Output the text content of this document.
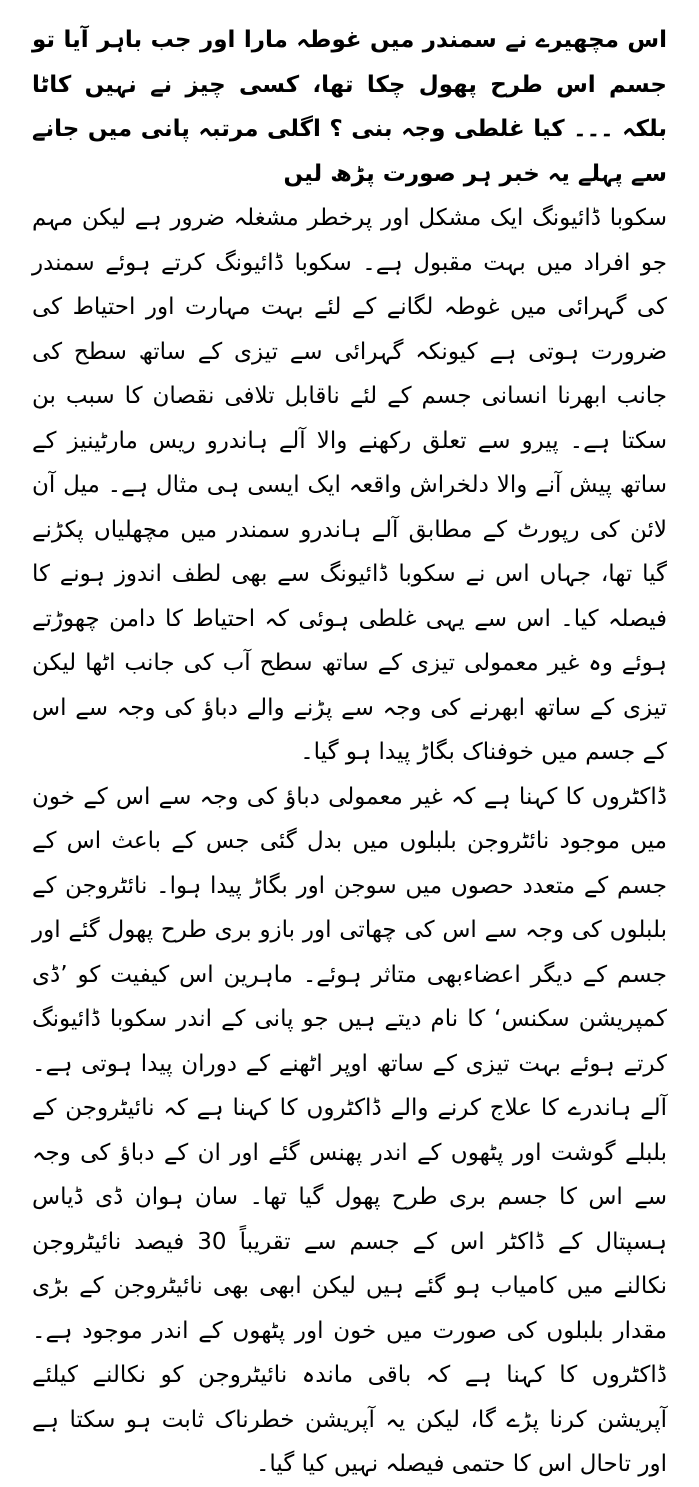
اس مچھیرے نے سمندر میں غوطہ مارا اور جب باہر آیا تو جسم اس طرح پھول چکا تھا، کسی چیز نے نہیں کاٹا بلکہ ۔۔۔ کیا غلطی وجہ بنی ؟ اگلی مرتبہ پانی میں جانے سے پہلے یہ خبر ہر صورت پڑھ لیں

سکوبا ڈائیونگ ایک مشکل اور پرخطر مشغلہ ضرور ہے لیکن مہم جو افراد میں بہت مقبول ہے۔ سکوبا ڈائیونگ کرتے ہوئے سمندر کی گہرائی میں غوطہ لگانے کے لئے بہت مہارت اور احتیاط کی ضرورت ہوتی ہے کیونکہ گہرائی سے تیزی کے ساتھ سطح کی جانب ابھرنا انسانی جسم کے لئے ناقابل تلافی نقصان کا سبب بن سکتا ہے۔ پیرو سے تعلق رکھنے والا آلے ہاندرو ریس مارٹینیز کے ساتھ پیش آنے والا دلخراش واقعہ ایک ایسی ہی مثال ہے۔ میل آن لائن کی رپورٹ کے مطابق آلے ہاندرو سمندر میں مچھلیاں پکڑنے گیا تھا، جہاں اس نے سکوبا ڈائیونگ سے بھی لطف اندوز ہونے کا فیصلہ کیا۔ اس سے یہی غلطی ہوئی کہ احتیاط کا دامن چھوڑتے ہوئے وہ غیر معمولی تیزی کے ساتھ سطح آب کی جانب اٹھا لیکن تیزی کے ساتھ ابھرنے کی وجہ سے پڑنے والے دباﺅ کی وجہ سے اس کے جسم میں خوفناک بگاڑ پیدا ہو گیا۔

ڈاکٹروں کا کہنا ہے کہ غیر معمولی دباﺅ کی وجہ سے اس کے خون میں موجود نائٹروجن بلبلوں میں بدل گئی جس کے باعث اس کے جسم کے متعدد حصوں میں سوجن اور بگاڑ پیدا ہوا۔ نائٹروجن کے بلبلوں کی وجہ سے اس کی چھاتی اور بازو بری طرح پھول گئے اور جسم کے دیگر اعضاءبھی متاثر ہوئے۔ ماہرین اس کیفیت کو ’ڈی کمپریشن سکنس‘ کا نام دیتے ہیں جو پانی کے اندر سکوبا ڈائیونگ کرتے ہوئے بہت تیزی کے ساتھ اوپر اٹھنے کے دوران پیدا ہوتی ہے۔ آلے ہاندرے کا علاج کرنے والے ڈاکٹروں کا کہنا ہے کہ نائیٹروجن کے بلبلے گوشت اور پٹھوں کے اندر پھنس گئے اور ان کے دباﺅ کی وجہ سے اس کا جسم بری طرح پھول گیا تھا۔ سان ہوان ڈی ڈیاس ہسپتال کے ڈاکٹر اس کے جسم سے تقریباً 30 فیصد نائیٹروجن نکالنے میں کامیاب ہو گئے ہیں لیکن ابھی بھی نائیٹروجن کے بڑی مقدار بلبلوں کی صورت میں خون اور پٹھوں کے اندر موجود ہے۔ ڈاکٹروں کا کہنا ہے کہ باقی ماندہ نائیٹروجن کو نکالنے کیلئے آپریشن کرنا پڑے گا، لیکن یہ آپریشن خطرناک ثابت ہو سکتا ہے اور تاحال اس کا حتمی فیصلہ نہیں کیا گیا۔
